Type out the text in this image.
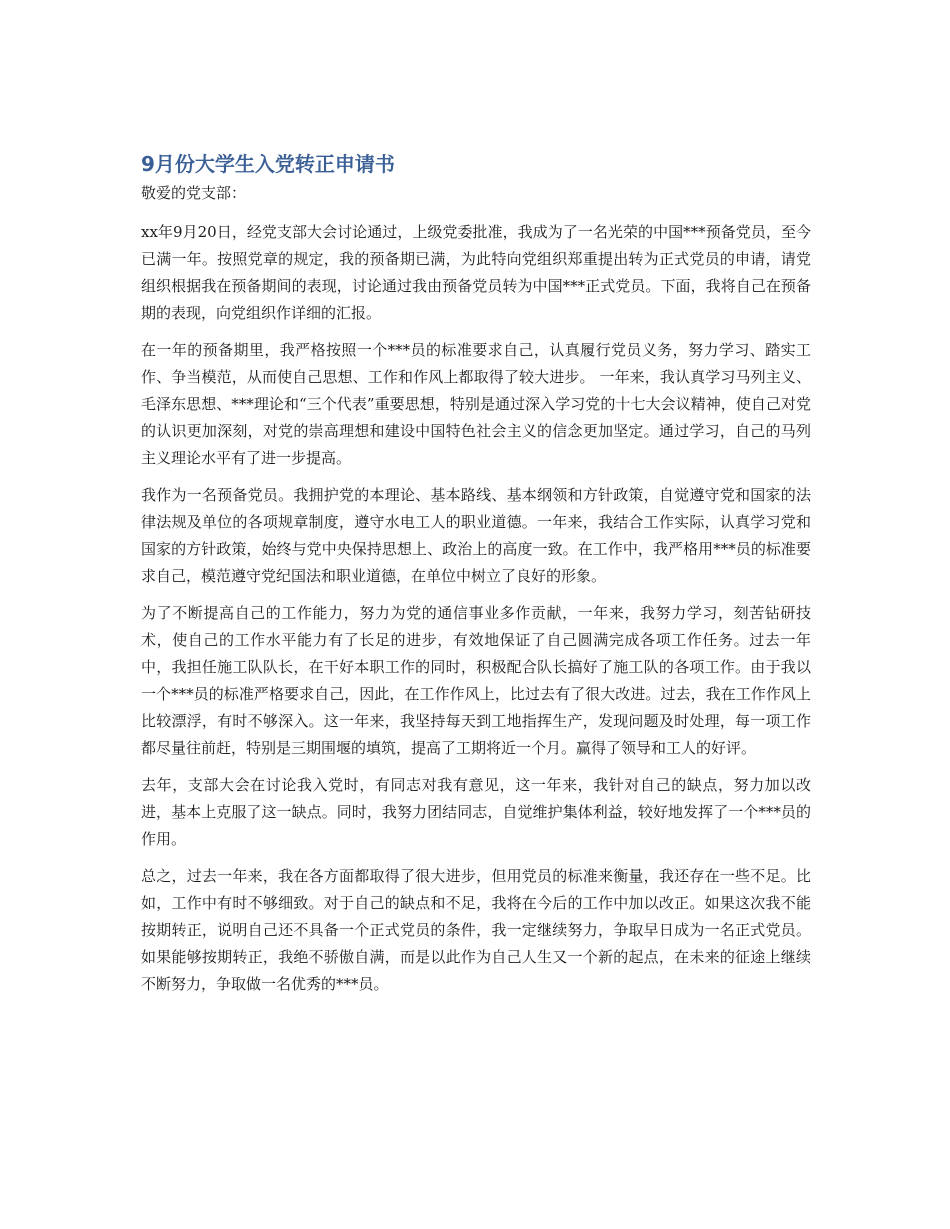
9月份大学生入党转正申请书

敬爱的党支部：

xx年9月20日，经党支部大会讨论通过，上级党委批准，我成为了一名光荣的中国***预备党员，至今已满一年。按照党章的规定，我的预备期已满，为此特向党组织郑重提出转为正式党员的申请，请党组织根据我在预备期间的表现，讨论通过我由预备党员转为中国***正式党员。下面，我将自己在预备期的表现，向党组织作详细的汇报。

在一年的预备期里，我严格按照一个***员的标准要求自己，认真履行党员义务，努力学习、踏实工作、争当模范，从而使自己思想、工作和作风上都取得了较大进步。 一年来，我认真学习马列主义、毛泽东思想、***理论和“三个代表”重要思想，特别是通过深入学习党的十七大会议精神，使自己对党的认识更加深刻，对党的崇高理想和建设中国特色社会主义的信念更加坚定。通过学习，自己的马列主义理论水平有了进一步提高。

我作为一名预备党员。我拥护党的本理论、基本路线、基本纲领和方针政策，自觉遵守党和国家的法律法规及单位的各项规章制度，遵守水电工人的职业道德。一年来，我结合工作实际，认真学习党和国家的方针政策，始终与党中央保持思想上、政治上的高度一致。在工作中，我严格用***员的标准要求自己，模范遵守党纪国法和职业道德，在单位中树立了良好的形象。

为了不断提高自己的工作能力，努力为党的通信事业多作贡献，一年来，我努力学习，刻苦钻研技术，使自己的工作水平能力有了长足的进步，有效地保证了自己圆满完成各项工作任务。过去一年中，我担任施工队队长，在干好本职工作的同时，积极配合队长搞好了施工队的各项工作。由于我以一个***员的标准严格要求自己，因此，在工作作风上，比过去有了很大改进。过去，我在工作作风上比较漂浮，有时不够深入。这一年来，我坚持每天到工地指挥生产，发现问题及时处理，每一项工作都尽量往前赶，特别是三期围堰的填筑，提高了工期将近一个月。赢得了领导和工人的好评。

去年，支部大会在讨论我入党时，有同志对我有意见，这一年来，我针对自己的缺点，努力加以改进，基本上克服了这一缺点。同时，我努力团结同志，自觉维护集体利益，较好地发挥了一个***员的作用。

总之，过去一年来，我在各方面都取得了很大进步，但用党员的标准来衡量，我还存在一些不足。比如，工作中有时不够细致。对于自己的缺点和不足，我将在今后的工作中加以改正。如果这次我不能按期转正，说明自己还不具备一个正式党员的条件，我一定继续努力，争取早日成为一名正式党员。如果能够按期转正，我绝不骄傲自满，而是以此作为自己人生又一个新的起点，在未来的征途上继续不断努力，争取做一名优秀的***员。
